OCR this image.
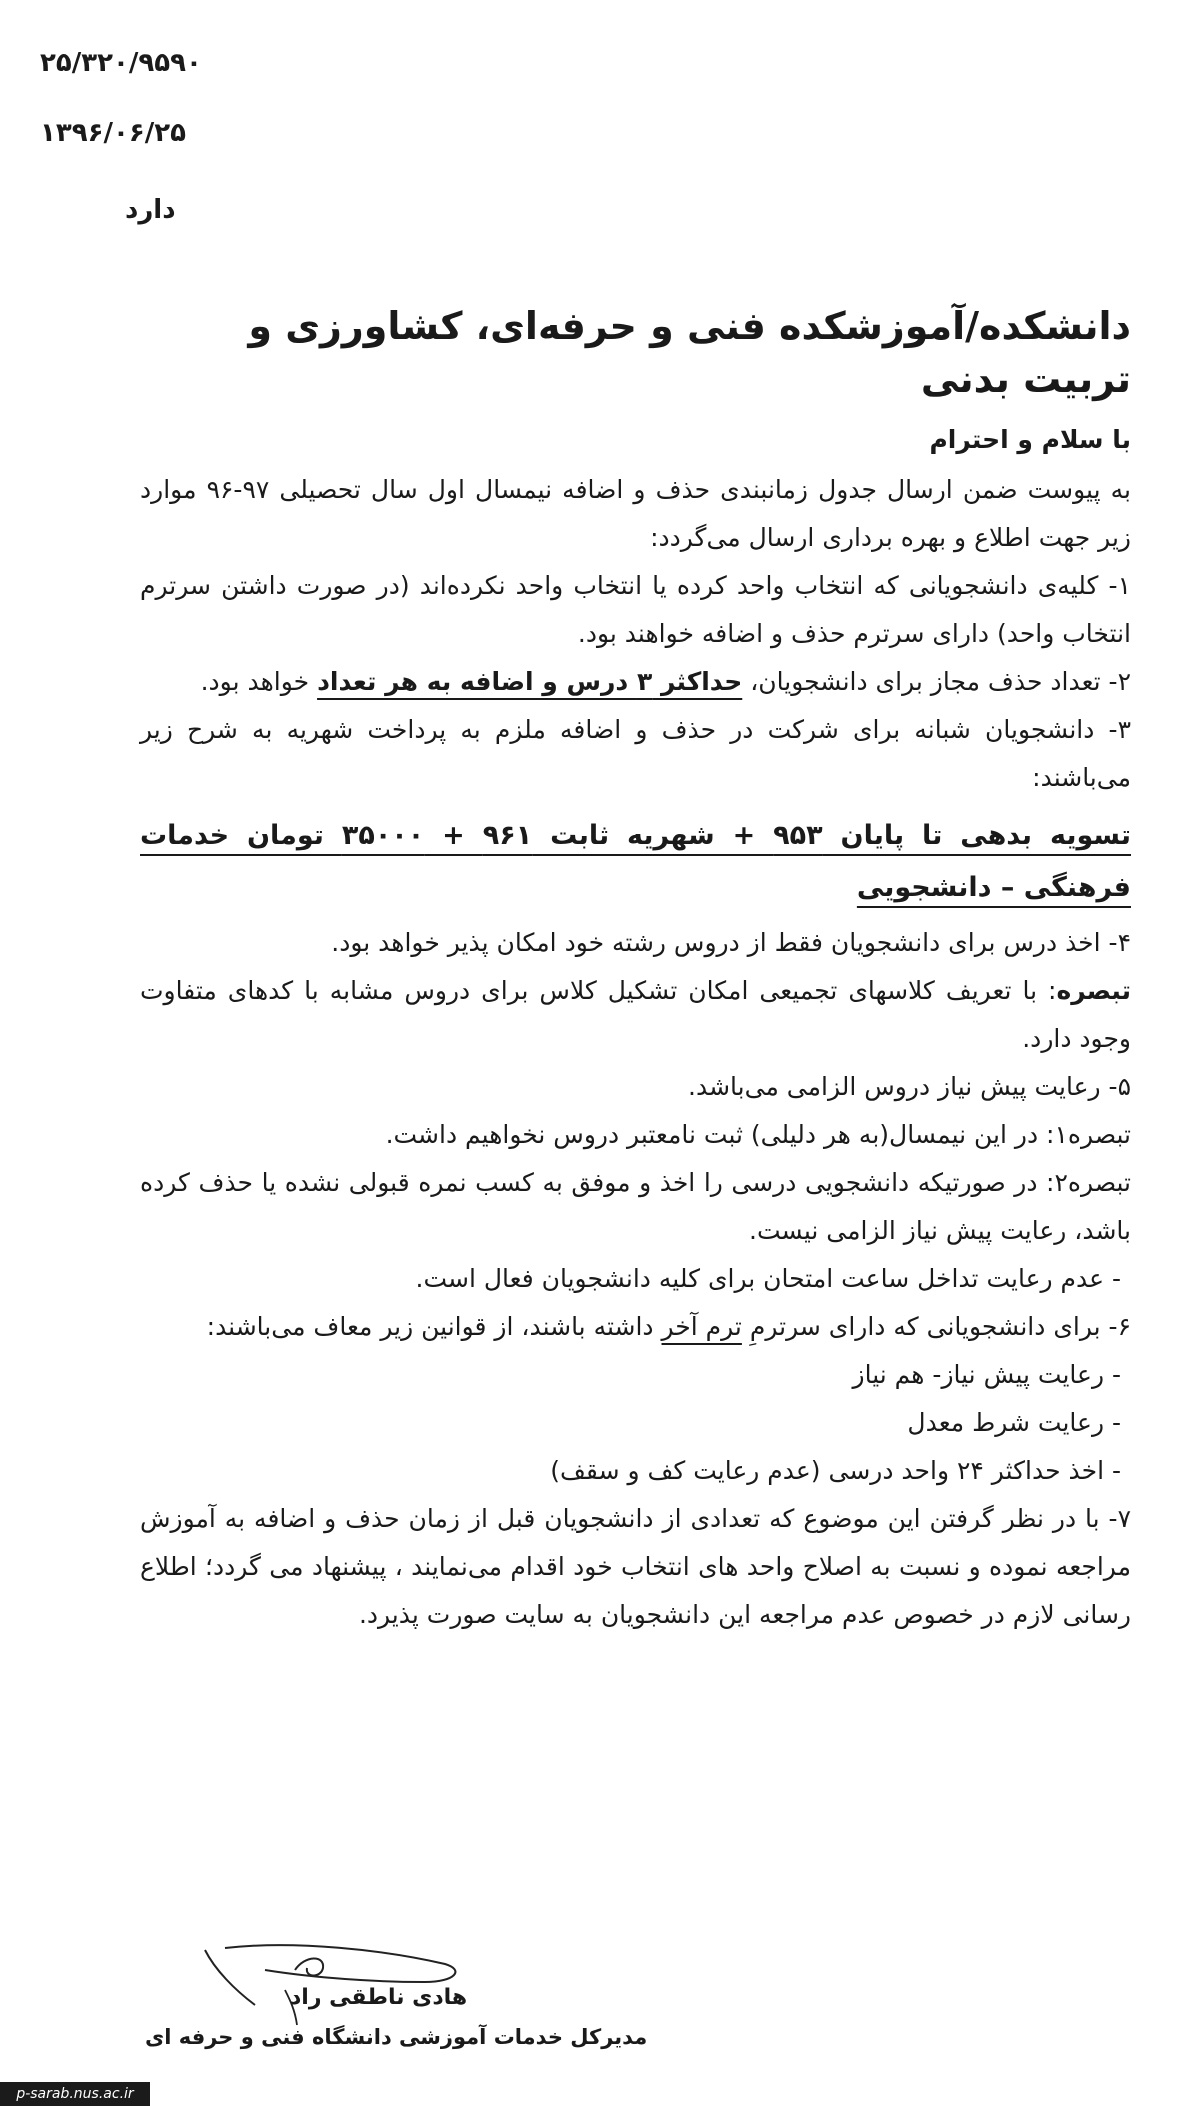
۲۵/۳۲۰/۹۵۹۰
۱۳۹۶/۰۶/۲۵
دارد
دانشکده/آموزشکده فنی و حرفه‌ای، کشاورزی و تربیت بدنی
با سلام و احترام

به پیوست ضمن ارسال جدول زمانبندی حذف و اضافه نیمسال اول سال تحصیلی ۹۷-۹۶ موارد زیر جهت اطلاع و بهره برداری ارسال می‌گردد:

۱- کلیه‌ی دانشجویانی که انتخاب واحد کرده یا انتخاب واحد نکرده‌اند (در صورت داشتن سرترم انتخاب واحد) دارای سرترم حذف و اضافه خواهند بود.

۲- تعداد حذف مجاز برای دانشجویان، حداکثر ۳ درس و اضافه به هر تعداد خواهد بود.

۳- دانشجویان شبانه برای شرکت در حذف و اضافه ملزم به پرداخت شهریه به شرح زیر می‌باشند:

تسویه بدهی تا پایان ۹۵۳ + شهریه ثابت ۹۶۱ + ۳۵۰۰۰ تومان خدمات فرهنگی – دانشجویی

۴- اخذ درس برای دانشجویان فقط از دروس رشته خود امکان پذیر خواهد بود.

تبصره: با تعریف کلاسهای تجمیعی امکان تشکیل کلاس برای دروس مشابه با کدهای متفاوت وجود دارد.

۵- رعایت پیش نیاز دروس الزامی می‌باشد.

تبصره۱: در این نیمسال(به هر دلیلی) ثبت نامعتبر دروس نخواهیم داشت.

تبصره۲: در صورتیکه دانشجویی درسی را اخذ و موفق به کسب نمره قبولی نشده یا حذف کرده باشد، رعایت پیش نیاز الزامی نیست.

- عدم رعایت تداخل ساعت امتحان برای کلیه دانشجویان فعال است.

۶- برای دانشجویانی که دارای سرترمِ ترم آخر داشته باشند، از قوانین زیر معاف می‌باشند:

- رعایت پیش نیاز- هم نیاز

- رعایت شرط معدل

- اخذ حداکثر ۲۴ واحد درسی (عدم رعایت کف و سقف)

۷- با در نظر گرفتن این موضوع که تعدادی از دانشجویان قبل از زمان حذف و اضافه به آموزش مراجعه نموده و نسبت به اصلاح واحد های انتخاب خود اقدام می‌نمایند ، پیشنهاد می گردد؛ اطلاع رسانی لازم در خصوص عدم مراجعه این دانشجویان به سایت صورت پذیرد.

هادی ناطقی راد
مدیرکل خدمات آموزشی دانشگاه فنی و حرفه ای
p-sarab.nus.ac.ir
